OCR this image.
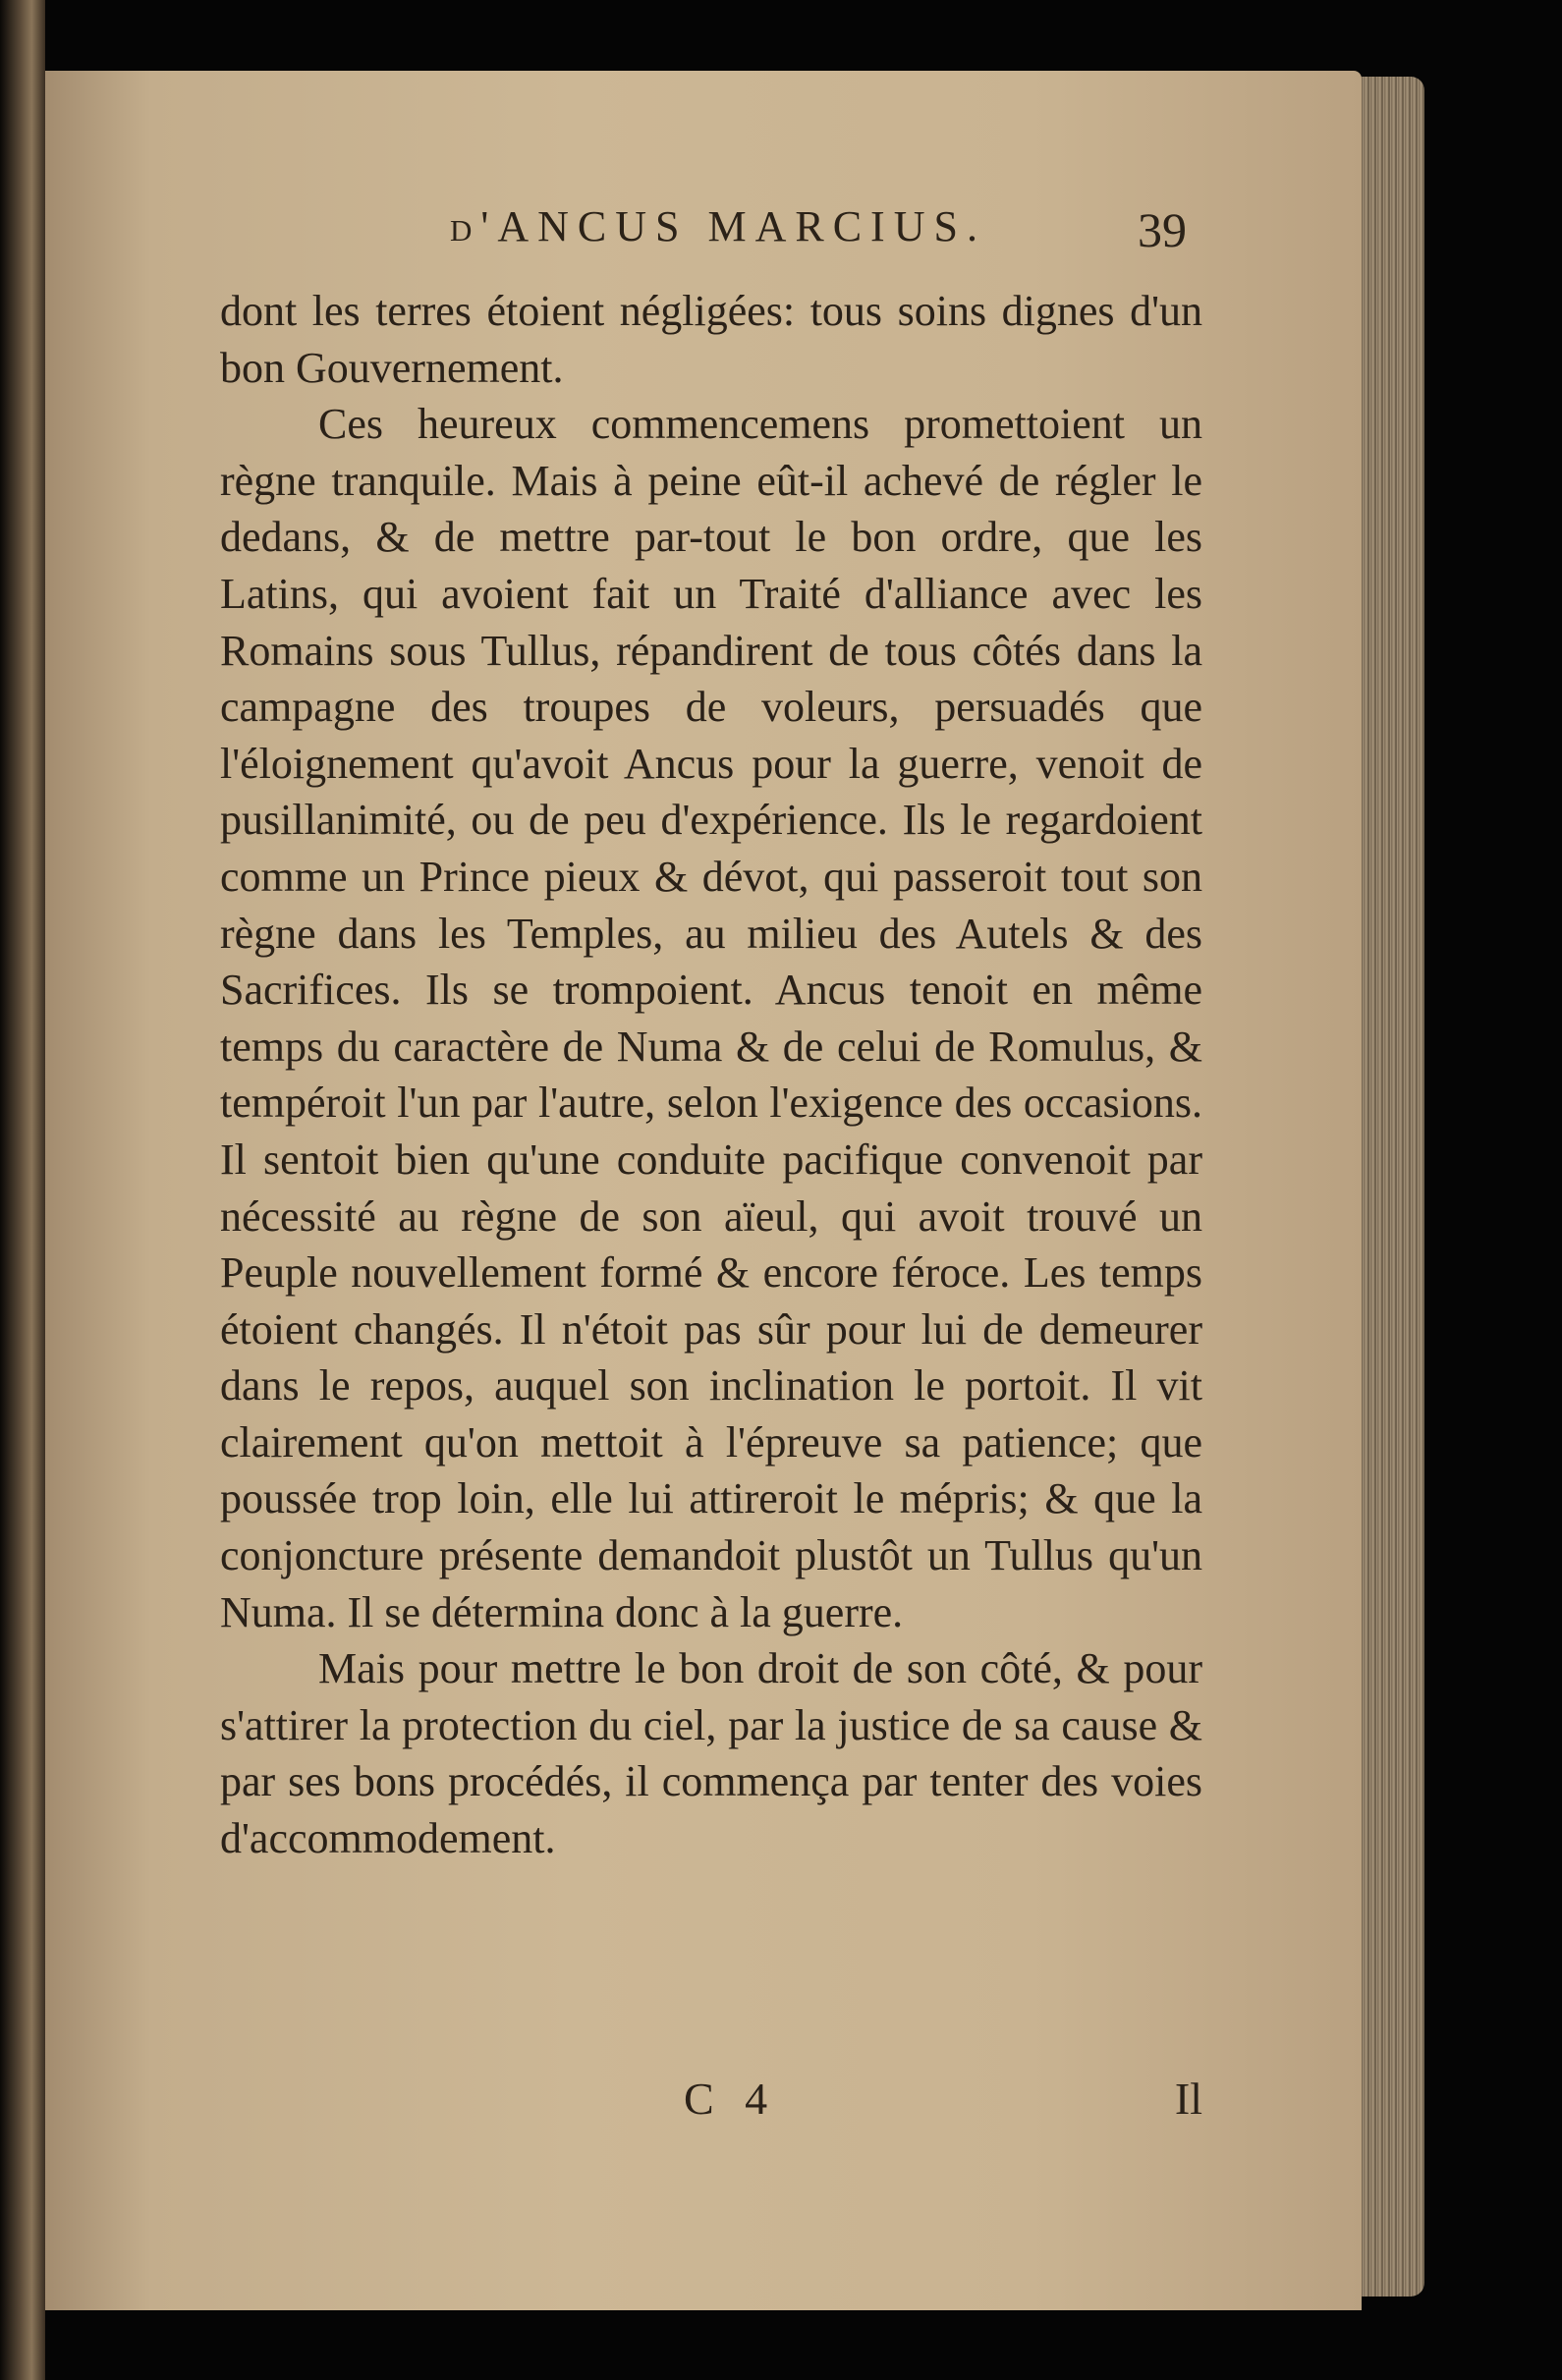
d'ANCUS MARCIUS.	39

dont les terres étoient négligées: tous soins dignes d'un bon Gouvernement.

Ces heureux commencemens promettoient un règne tranquile. Mais à peine eût-il achevé de régler le dedans, & de mettre par-tout le bon ordre, que les Latins, qui avoient fait un Traité d'alliance avec les Romains sous Tullus, répandirent de tous côtés dans la campagne des troupes de voleurs, persuadés que l'éloignement qu'avoit Ancus pour la guerre, venoit de pusillanimité, ou de peu d'expérience. Ils le regardoient comme un Prince pieux & dévot, qui passeroit tout son règne dans les Temples, au milieu des Autels & des Sacrifices. Ils se trompoient. Ancus tenoit en même temps du caractère de Numa & de celui de Romulus, & tempéroit l'un par l'autre, selon l'exigence des occasions. Il sentoit bien qu'une conduite pacifique convenoit par nécessité au règne de son aïeul, qui avoit trouvé un Peuple nouvellement formé & encore féroce. Les temps étoient changés. Il n'étoit pas sûr pour lui de demeurer dans le repos, auquel son inclination le portoit. Il vit clairement qu'on mettoit à l'épreuve sa patience; que poussée trop loin, elle lui attireroit le mépris; & que la conjoncture présente demandoit plustôt un Tullus qu'un Numa. Il se détermina donc à la guerre.

Mais pour mettre le bon droit de son côté, & pour s'attirer la protection du ciel, par la justice de sa cause & par ses bons procédés, il commença par tenter des voies d'accommodement.

C 4	Il
